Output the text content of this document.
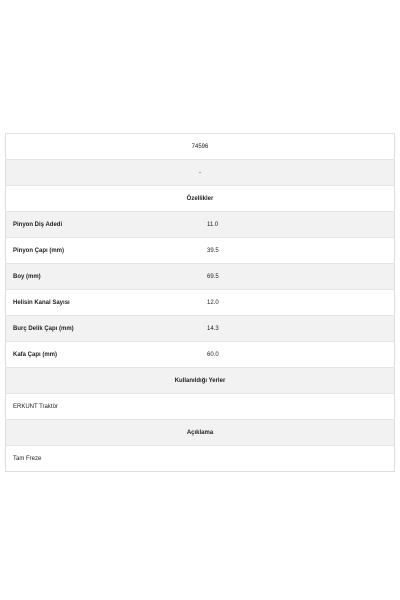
74596	
-	
Özellikler	
Pinyon Diş Adedi	11.0
Pinyon Çapı (mm)	39.5
Boy (mm)	69.5
Helisin Kanal Sayısı	12.0
Burç Delik Çapı (mm)	14.3
Kafa Çapı (mm)	60.0
Kullanıldığı Yerler	
ERKUNT Traktör	
Açıklama	
Tam Freze	
